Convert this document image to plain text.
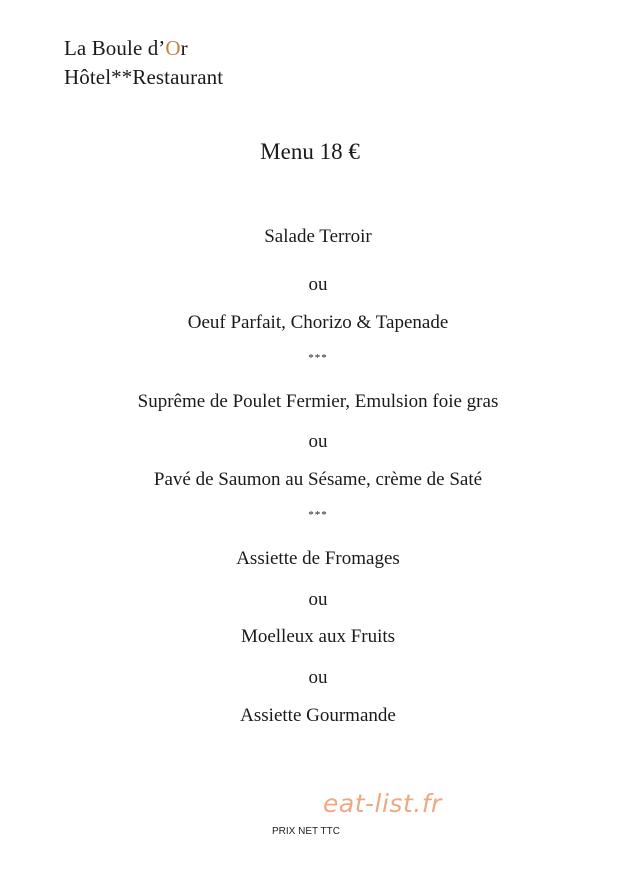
La Boule d’Or
Hôtel**Restaurant
Menu 18 €
Salade Terroir
ou
Oeuf Parfait, Chorizo & Tapenade
***
Suprême de Poulet Fermier, Emulsion foie gras
ou
Pavé de Saumon au Sésame, crème de Saté
***
Assiette de Fromages
ou
Moelleux aux Fruits
ou
Assiette Gourmande
eat-list.fr
PRIX NET TTC
